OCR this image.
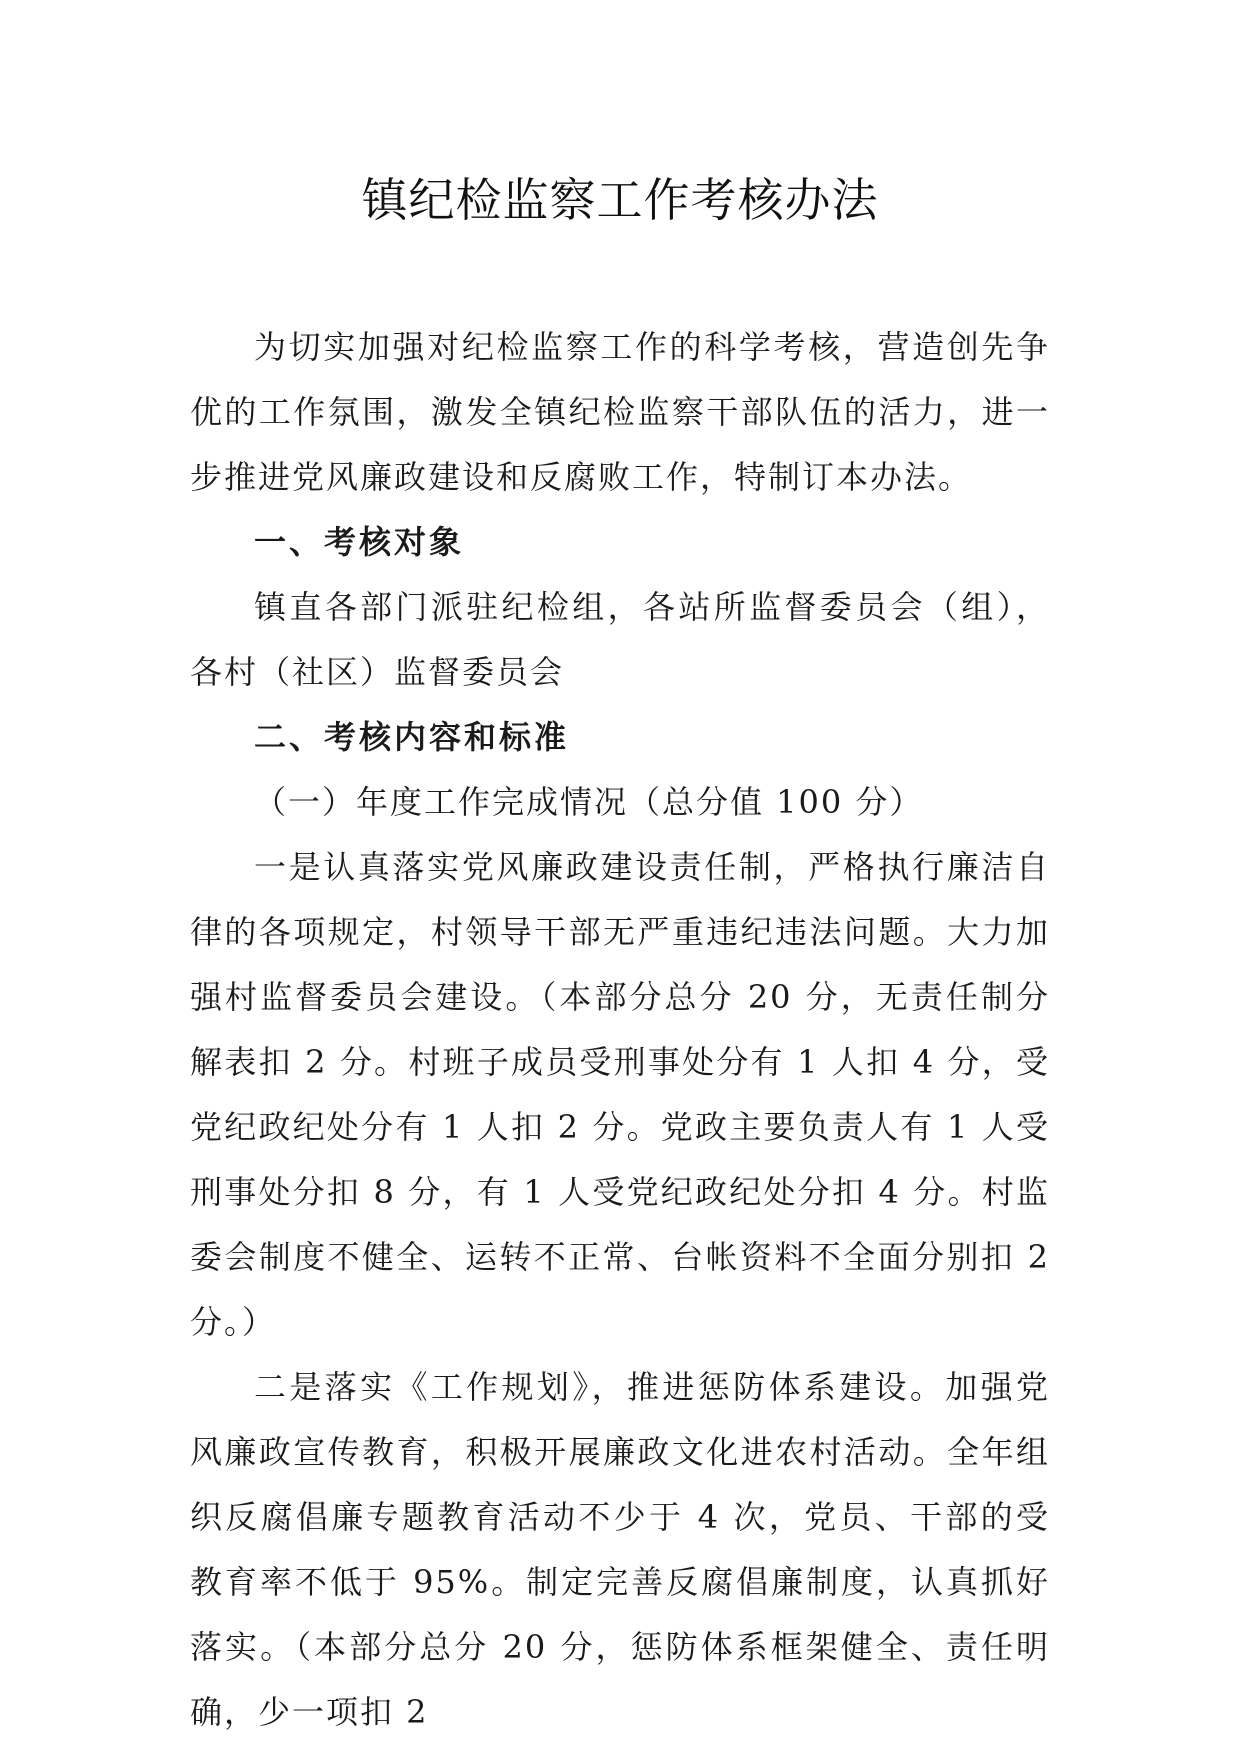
镇纪检监察工作考核办法

为切实加强对纪检监察工作的科学考核，营造创先争优的工作氛围，激发全镇纪检监察干部队伍的活力，进一步推进党风廉政建设和反腐败工作，特制订本办法。

一、考核对象

镇直各部门派驻纪检组，各站所监督委员会（组），各村（社区）监督委员会

二、考核内容和标准

（一）年度工作完成情况（总分值 100 分）

一是认真落实党风廉政建设责任制，严格执行廉洁自律的各项规定，村领导干部无严重违纪违法问题。大力加强村监督委员会建设。（本部分总分 20 分，无责任制分解表扣 2 分。村班子成员受刑事处分有 1 人扣 4 分，受党纪政纪处分有 1 人扣 2 分。党政主要负责人有 1 人受刑事处分扣 8 分，有 1 人受党纪政纪处分扣 4 分。村监委会制度不健全、运转不正常、台帐资料不全面分别扣 2 分。）

二是落实《工作规划》，推进惩防体系建设。加强党风廉政宣传教育，积极开展廉政文化进农村活动。全年组织反腐倡廉专题教育活动不少于 4 次，党员、干部的受教育率不低于 95%。制定完善反腐倡廉制度，认真抓好落实。（本部分总分 20 分，惩防体系框架健全、责任明确，少一项扣 2
